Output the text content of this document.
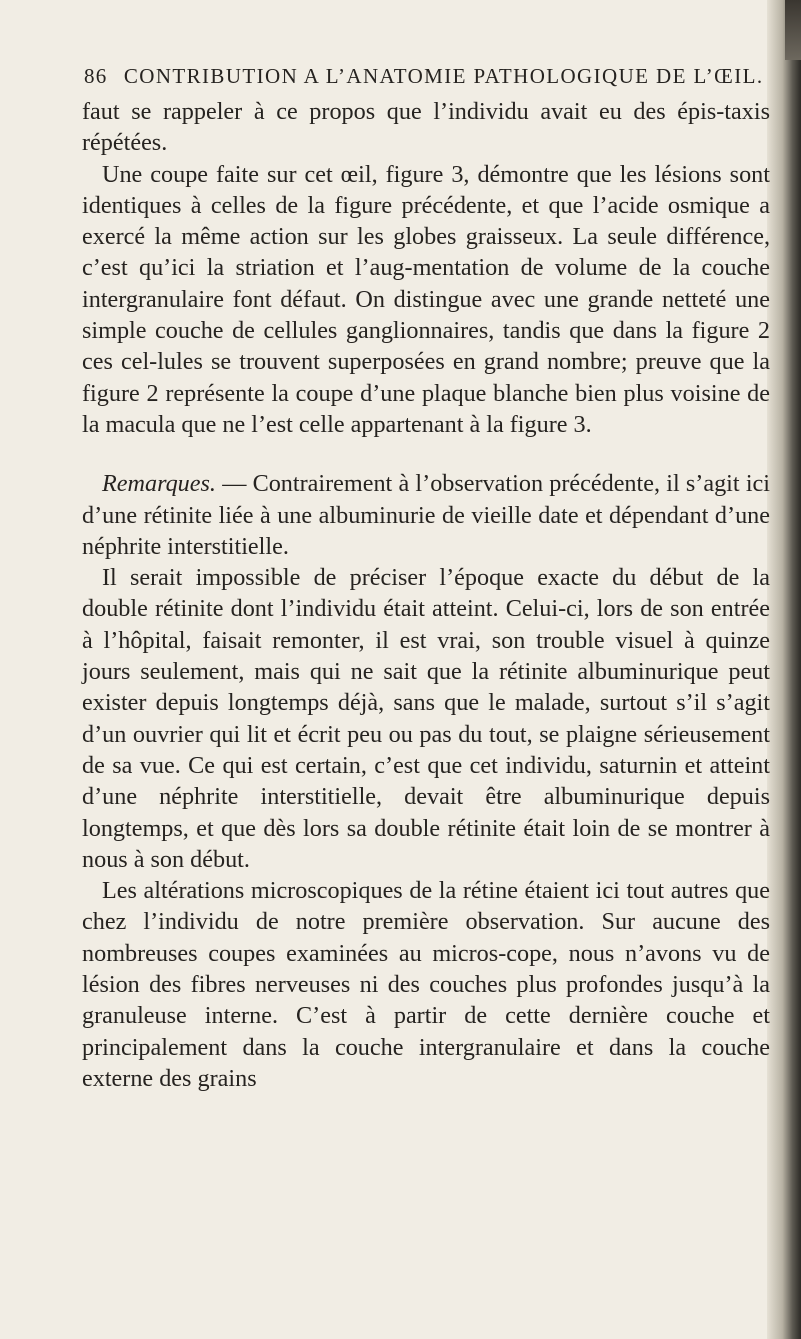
86 CONTRIBUTION A L’ANATOMIE PATHOLOGIQUE DE L’ŒIL.

faut se rappeler à ce propos que l’individu avait eu des épis-taxis répétées.

Une coupe faite sur cet œil, figure 3, démontre que les lésions sont identiques à celles de la figure précédente, et que l’acide osmique a exercé la même action sur les globes graisseux. La seule différence, c’est qu’ici la striation et l’aug-mentation de volume de la couche intergranulaire font défaut. On distingue avec une grande netteté une simple couche de cellules ganglionnaires, tandis que dans la figure 2 ces cel-lules se trouvent superposées en grand nombre; preuve que la figure 2 représente la coupe d’une plaque blanche bien plus voisine de la macula que ne l’est celle appartenant à la figure 3.

Remarques. — Contrairement à l’observation précédente, il s’agit ici d’une rétinite liée à une albuminurie de vieille date et dépendant d’une néphrite interstitielle.

Il serait impossible de préciser l’époque exacte du début de la double rétinite dont l’individu était atteint. Celui-ci, lors de son entrée à l’hôpital, faisait remonter, il est vrai, son trouble visuel à quinze jours seulement, mais qui ne sait que la rétinite albuminurique peut exister depuis longtemps déjà, sans que le malade, surtout s’il s’agit d’un ouvrier qui lit et écrit peu ou pas du tout, se plaigne sérieusement de sa vue. Ce qui est certain, c’est que cet individu, saturnin et atteint d’une néphrite interstitielle, devait être albuminurique depuis longtemps, et que dès lors sa double rétinite était loin de se montrer à nous à son début.

Les altérations microscopiques de la rétine étaient ici tout autres que chez l’individu de notre première observation. Sur aucune des nombreuses coupes examinées au micros-cope, nous n’avons vu de lésion des fibres nerveuses ni des couches plus profondes jusqu’à la granuleuse interne. C’est à partir de cette dernière couche et principalement dans la couche intergranulaire et dans la couche externe des grains
